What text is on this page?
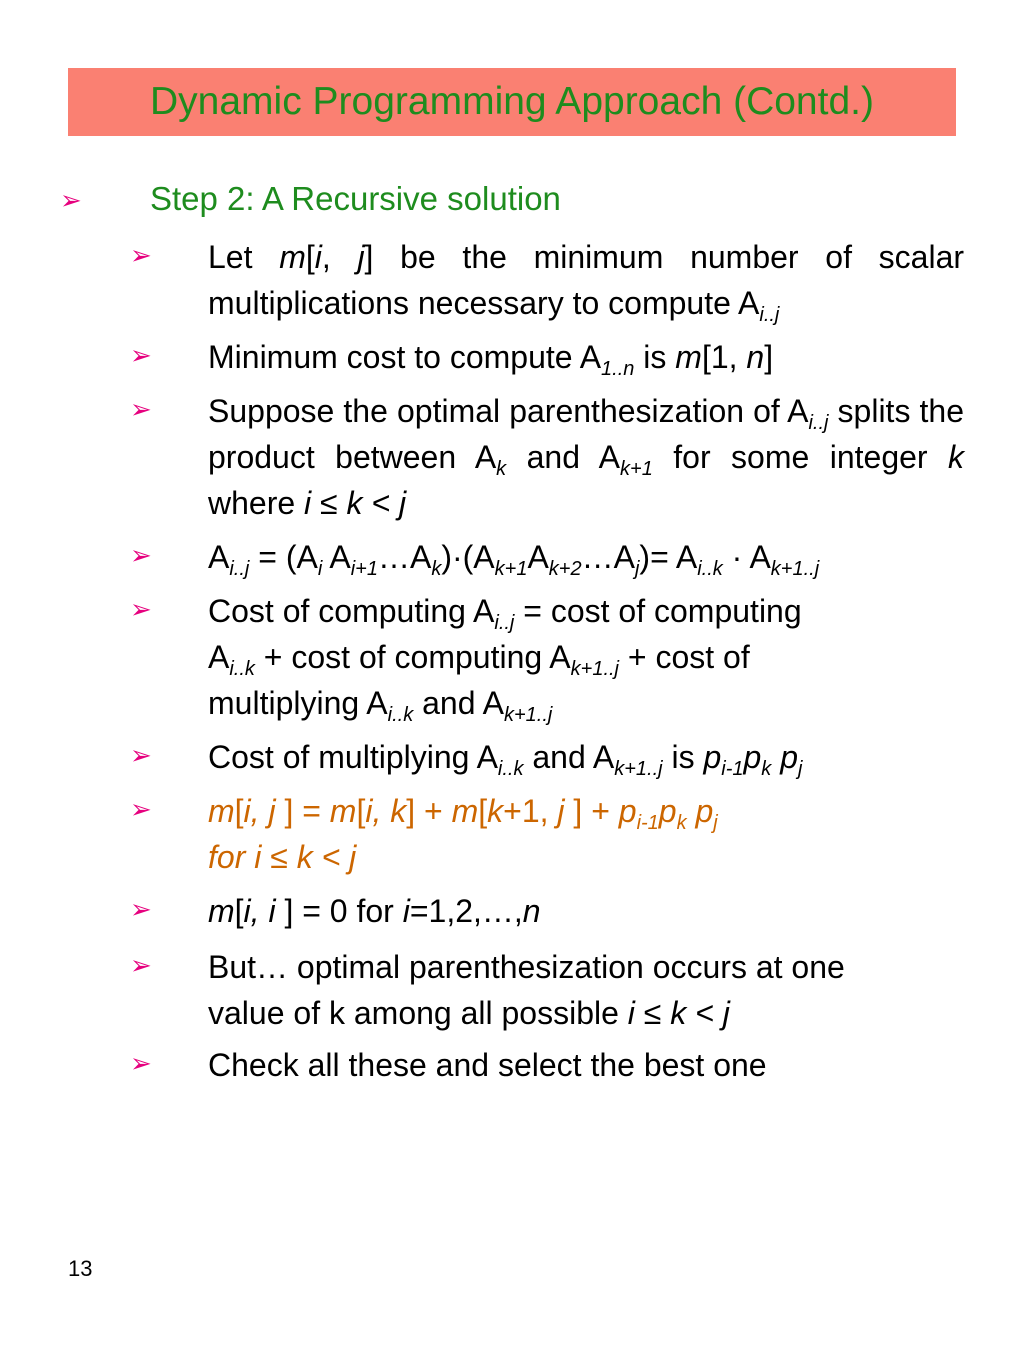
Dynamic Programming Approach (Contd.)
➢ Step 2: A Recursive solution
➢ Let m[i, j] be the minimum number of scalar multiplications necessary to compute $A_{i..j}$
➢ Minimum cost to compute $A_{1..n}$ is m[1, n]
➢ Suppose the optimal parenthesization of $A_{i..j}$ splits the product between $A_k$ and $A_{k+1}$ for some integer k where i ≤ k < j
➢ $A_{i..j} = (A_i$ $A_{i+1}\dots A_k)\cdot(A_{k+1}A_{k+2}\dots A_j)= A_{i..k} \cdot A_{k+1..j}$
➢ Cost of computing $A_{i..j} = \cos t$ of computing
$A_{i..k} + \cos t$ of computing $A_{k+1..j} + \cos t$ of
multiplying $A_{i..k}$ and $A_{k+1..j}$
➢ Cost of multiplying $A_{i..k}$ and $A_{k+1..j}$ is $p_{i-1}p_k$ $p_j$
➢ m[i, j ] = m[i, k] + m[k+1, j ] + $p_{i-1}p_k$ $p_j$
for i ≤ k < j
➢ m[i, i ] = 0 for i=1,2,…,n
➢ But… optimal parenthesization occurs at one
value of k among all possible i ≤ k < j
➢ Check all these and select the best one
13
